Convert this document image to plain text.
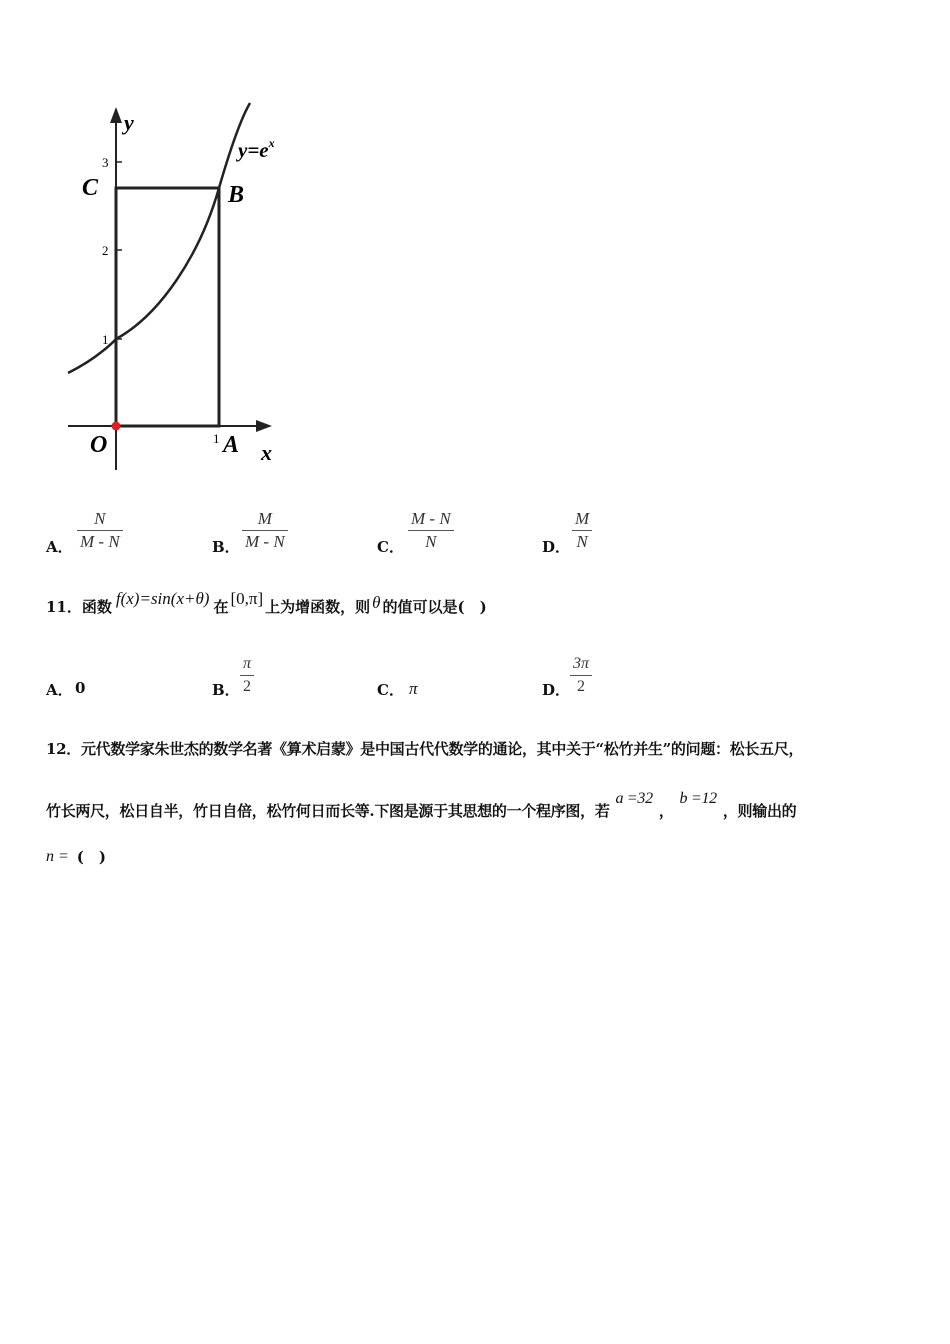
y
x
$y=e^x$
C	B
O	A
1
1
2
3
A．
N
M - N	B．
M
M - N	C．
M - N
N	D．
M
N
11．函数 f(x)=sin(x+θ) 在 [0,π] 上为增函数，则 θ 的值可以是(　)
A． 0	B．
π
2	C． π	D．
3π
2
12．元代数学家朱世杰的数学名著《算术启蒙》是中国古代代数学的通论，其中关于“松竹并生”的问题：松长五尺，
竹长两尺，松日自半，竹日自倍，松竹何日而长等.下图是源于其思想的一个程序图，若
a =32
，
b =12
，则输出的
n = (　)
